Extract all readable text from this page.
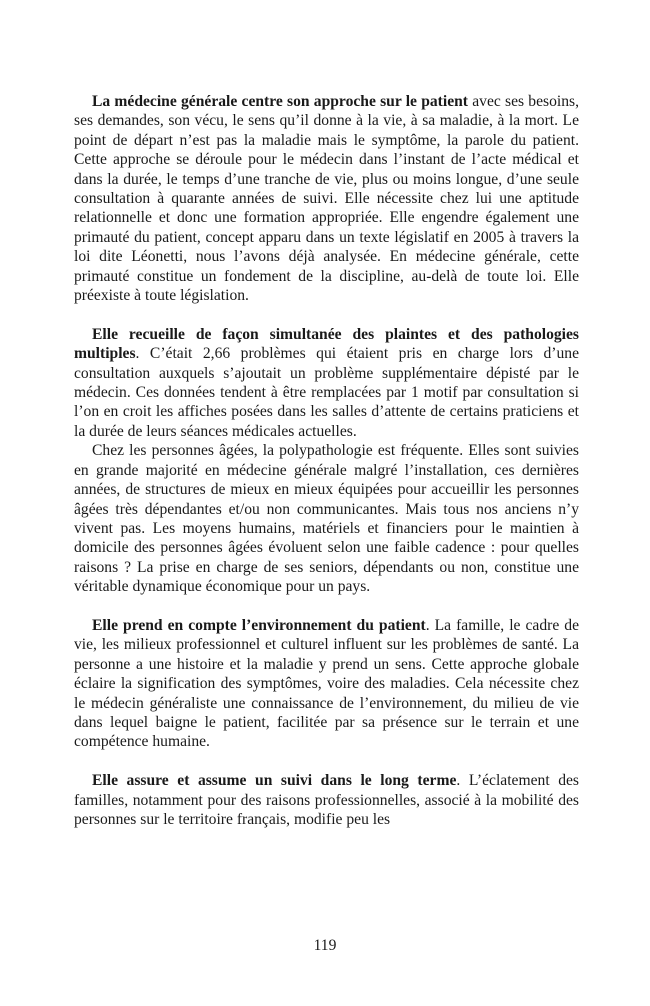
La médecine générale centre son approche sur le patient avec ses besoins, ses demandes, son vécu, le sens qu’il donne à la vie, à sa maladie, à la mort. Le point de départ n’est pas la maladie mais le symptôme, la parole du patient. Cette approche se déroule pour le médecin dans l’instant de l’acte médical et dans la durée, le temps d’une tranche de vie, plus ou moins longue, d’une seule consultation à quarante années de suivi. Elle nécessite chez lui une aptitude relationnelle et donc une formation appropriée. Elle engendre également une primauté du patient, concept apparu dans un texte législatif en 2005 à travers la loi dite Léonetti, nous l’avons déjà analysée. En médecine générale, cette primauté constitue un fondement de la discipline, au-delà de toute loi. Elle préexiste à toute législation.

Elle recueille de façon simultanée des plaintes et des pathologies multiples. C’était 2,66 problèmes qui étaient pris en charge lors d’une consultation auxquels s’ajoutait un problème supplémentaire dépisté par le médecin. Ces données tendent à être remplacées par 1 motif par consultation si l’on en croit les affiches posées dans les salles d’attente de certains praticiens et la durée de leurs séances médicales actuelles.

Chez les personnes âgées, la polypathologie est fréquente. Elles sont suivies en grande majorité en médecine générale malgré l’installation, ces dernières années, de structures de mieux en mieux équipées pour accueillir les personnes âgées très dépendantes et/ou non communicantes. Mais tous nos anciens n’y vivent pas. Les moyens humains, matériels et financiers pour le maintien à domicile des personnes âgées évoluent selon une faible cadence : pour quelles raisons ? La prise en charge de ses seniors, dépendants ou non, constitue une véritable dynamique économique pour un pays.

Elle prend en compte l’environnement du patient. La famille, le cadre de vie, les milieux professionnel et culturel influent sur les problèmes de santé. La personne a une histoire et la maladie y prend un sens. Cette approche globale éclaire la signification des symptômes, voire des maladies. Cela nécessite chez le médecin généraliste une connaissance de l’environnement, du milieu de vie dans lequel baigne le patient, facilitée par sa présence sur le terrain et une compétence humaine.

Elle assure et assume un suivi dans le long terme. L’éclatement des familles, notamment pour des raisons professionnelles, associé à la mobilité des personnes sur le territoire français, modifie peu les

119
